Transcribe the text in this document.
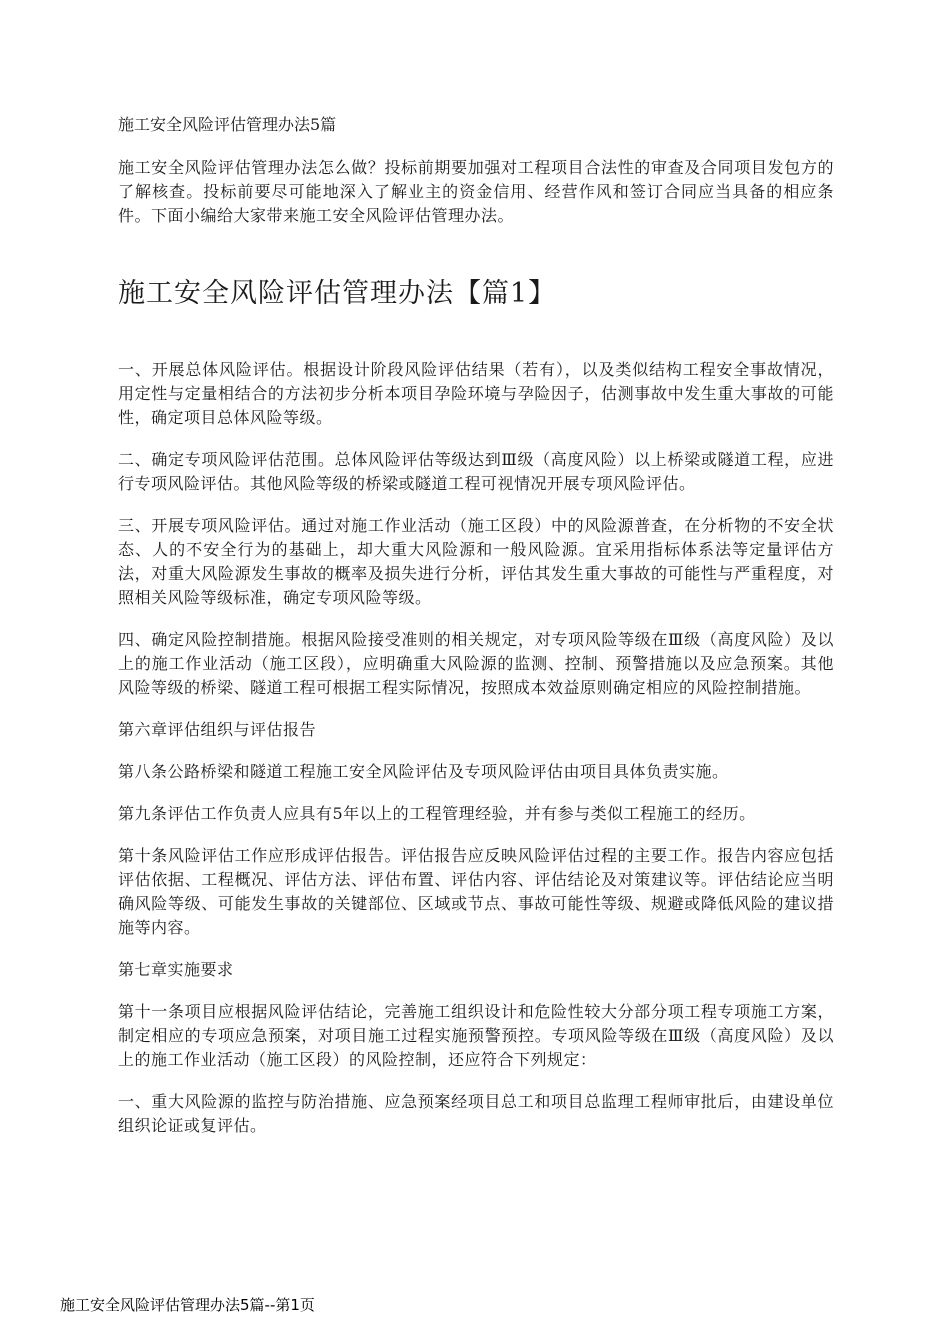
施工安全风险评估管理办法5篇

施工安全风险评估管理办法怎么做？投标前期要加强对工程项目合法性的审查及合同项目发包方的了解核查。投标前要尽可能地深入了解业主的资金信用、经营作风和签订合同应当具备的相应条件。下面小编给大家带来施工安全风险评估管理办法。

施工安全风险评估管理办法【篇1】

一、开展总体风险评估。根据设计阶段风险评估结果（若有），以及类似结构工程安全事故情况，用定性与定量相结合的方法初步分析本项目孕险环境与孕险因子，估测事故中发生重大事故的可能性，确定项目总体风险等级。

二、确定专项风险评估范围。总体风险评估等级达到Ⅲ级（高度风险）以上桥梁或隧道工程，应进行专项风险评估。其他风险等级的桥梁或隧道工程可视情况开展专项风险评估。

三、开展专项风险评估。通过对施工作业活动（施工区段）中的风险源普查，在分析物的不安全状态、人的不安全行为的基础上，却大重大风险源和一般风险源。宜采用指标体系法等定量评估方法，对重大风险源发生事故的概率及损失进行分析，评估其发生重大事故的可能性与严重程度，对照相关风险等级标准，确定专项风险等级。

四、确定风险控制措施。根据风险接受准则的相关规定，对专项风险等级在Ⅲ级（高度风险）及以上的施工作业活动（施工区段），应明确重大风险源的监测、控制、预警措施以及应急预案。其他风险等级的桥梁、隧道工程可根据工程实际情况，按照成本效益原则确定相应的风险控制措施。

第六章评估组织与评估报告

第八条公路桥梁和隧道工程施工安全风险评估及专项风险评估由项目具体负责实施。

第九条评估工作负责人应具有5年以上的工程管理经验，并有参与类似工程施工的经历。

第十条风险评估工作应形成评估报告。评估报告应反映风险评估过程的主要工作。报告内容应包括评估依据、工程概况、评估方法、评估布置、评估内容、评估结论及对策建议等。评估结论应当明确风险等级、可能发生事故的关键部位、区域或节点、事故可能性等级、规避或降低风险的建议措施等内容。

第七章实施要求

第十一条项目应根据风险评估结论，完善施工组织设计和危险性较大分部分项工程专项施工方案，制定相应的专项应急预案，对项目施工过程实施预警预控。专项风险等级在Ⅲ级（高度风险）及以上的施工作业活动（施工区段）的风险控制，还应符合下列规定：

一、重大风险源的监控与防治措施、应急预案经项目总工和项目总监理工程师审批后，由建设单位组织论证或复评估。

施工安全风险评估管理办法5篇--第1页
